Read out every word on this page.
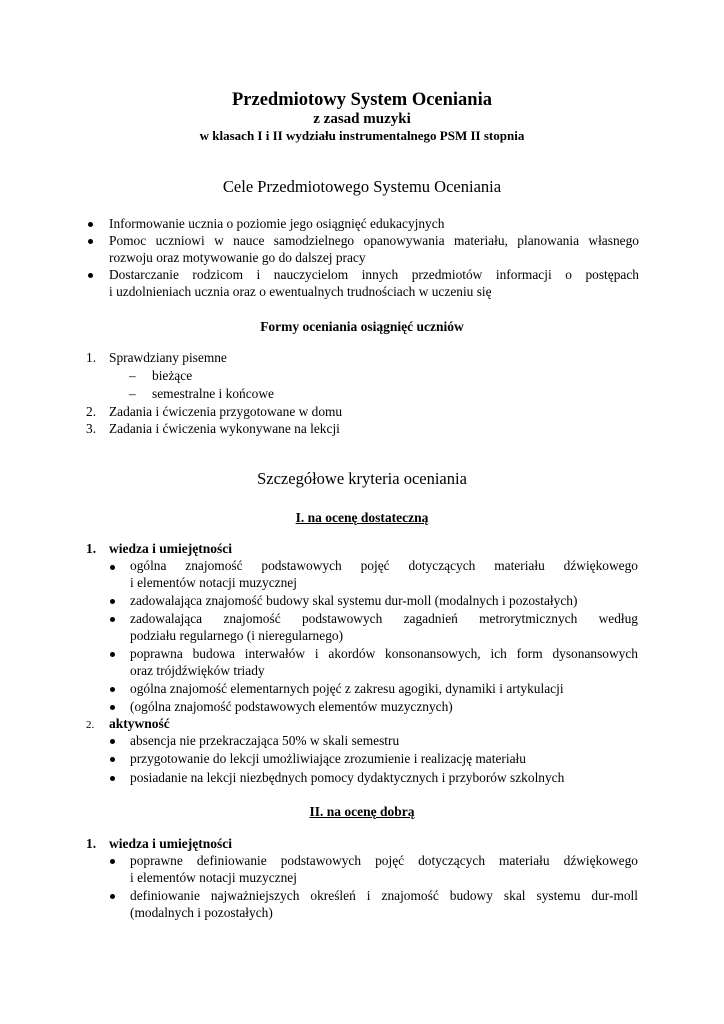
Przedmiotowy System Oceniania
z zasad muzyki
w klasach I i II wydziału instrumentalnego PSM II stopnia
Cele Przedmiotowego Systemu Oceniania
Informowanie ucznia o poziomie jego osiągnięć edukacyjnych
Pomoc uczniowi w nauce samodzielnego opanowywania materiału, planowania własnego
rozwoju oraz motywowanie go do dalszej pracy
Dostarczanie rodzicom i nauczycielom innych przedmiotów informacji o postępach
i uzdolnieniach ucznia oraz o ewentualnych trudnościach w uczeniu się
Formy oceniania osiągnięć uczniów
1. Sprawdziany pisemne
– bieżące
– semestralne i końcowe
2. Zadania i ćwiczenia przygotowane w domu
3. Zadania i ćwiczenia wykonywane na lekcji
Szczegółowe kryteria oceniania
I. na ocenę dostateczną
1. wiedza i umiejętności
ogólna znajomość podstawowych pojęć dotyczących materiału dźwiękowego
i elementów notacji muzycznej
zadowalająca znajomość budowy skal systemu dur-moll (modalnych i pozostałych)
zadowalająca znajomość podstawowych zagadnień metrorytmicznych według
podziału regularnego (i nieregularnego)
poprawna budowa interwałów i akordów konsonansowych, ich form dysonansowych
oraz trójdźwięków triady
ogólna znajomość elementarnych pojęć z zakresu agogiki, dynamiki i artykulacji
(ogólna znajomość podstawowych elementów muzycznych)
2. aktywność
absencja nie przekraczająca 50% w skali semestru
przygotowanie do lekcji umożliwiające zrozumienie i realizację materiału
posiadanie na lekcji niezbędnych pomocy dydaktycznych i przyborów szkolnych
II. na ocenę dobrą
1. wiedza i umiejętności
poprawne definiowanie podstawowych pojęć dotyczących materiału dźwiękowego
i elementów notacji muzycznej
definiowanie najważniejszych określeń i znajomość budowy skal systemu dur-moll
(modalnych i pozostałych)
